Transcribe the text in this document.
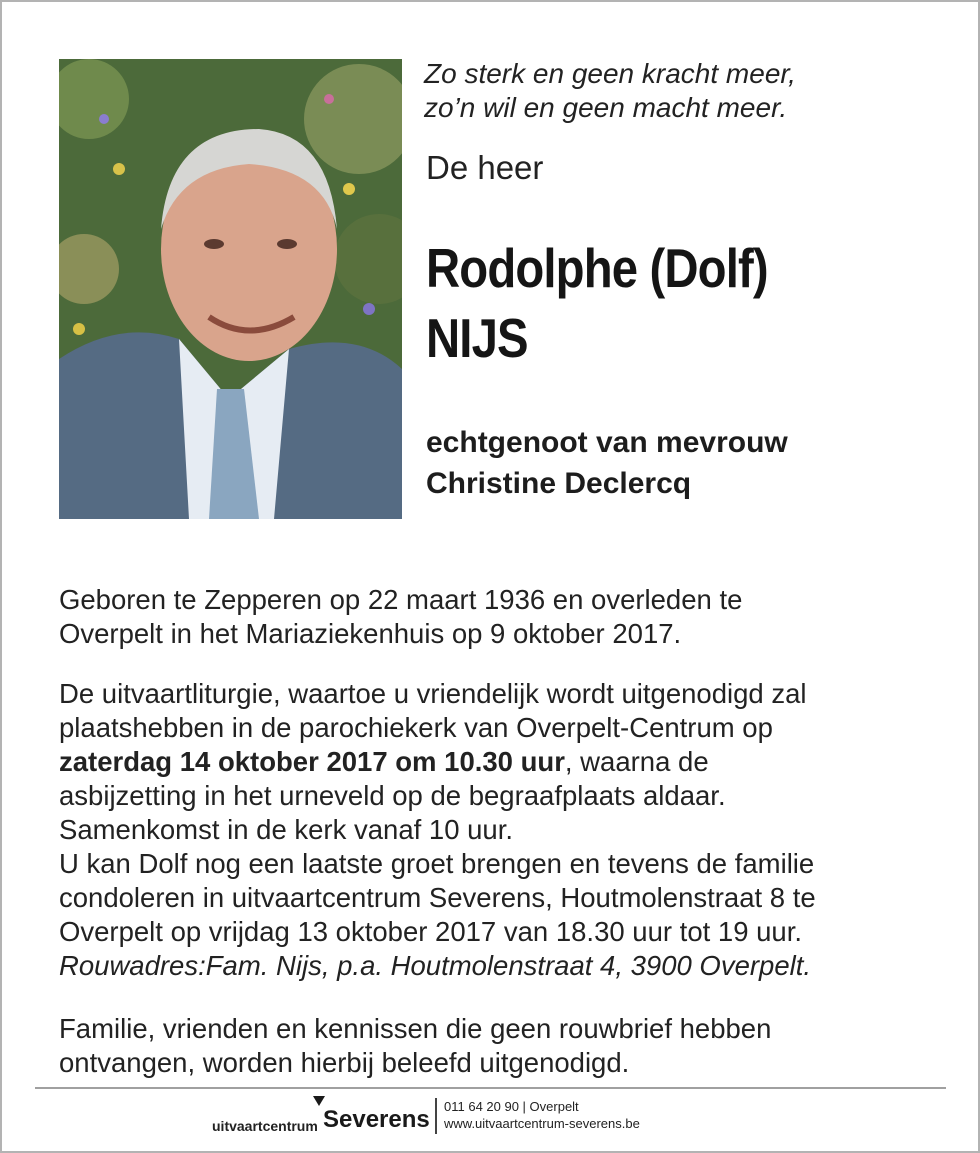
Zo sterk en geen kracht meer,
zo’n wil en geen macht meer.
De heer
Rodolphe (Dolf)
NIJS
echtgenoot van mevrouw
Christine Declercq
Geboren te Zepperen op 22 maart 1936 en overleden te
Overpelt in het Mariaziekenhuis op 9 oktober 2017.
De uitvaartliturgie, waartoe u vriendelijk wordt uitgenodigd zal
plaatshebben in de parochiekerk van Overpelt-Centrum op
zaterdag 14 oktober 2017 om 10.30 uur, waarna de
asbijzetting in het urneveld op de begraafplaats aldaar.
Samenkomst in de kerk vanaf 10 uur.
U kan Dolf nog een laatste groet brengen en tevens de familie
condoleren in uitvaartcentrum Severens, Houtmolenstraat 8 te
Overpelt op vrijdag 13 oktober 2017 van 18.30 uur tot 19 uur.
Rouwadres:Fam. Nijs, p.a. Houtmolenstraat 4, 3900 Overpelt.
Familie, vrienden en kennissen die geen rouwbrief hebben
ontvangen, worden hierbij beleefd uitgenodigd.
uitvaartcentrum Severens 011 64 20 90 | Overpelt
www.uitvaartcentrum-severens.be
